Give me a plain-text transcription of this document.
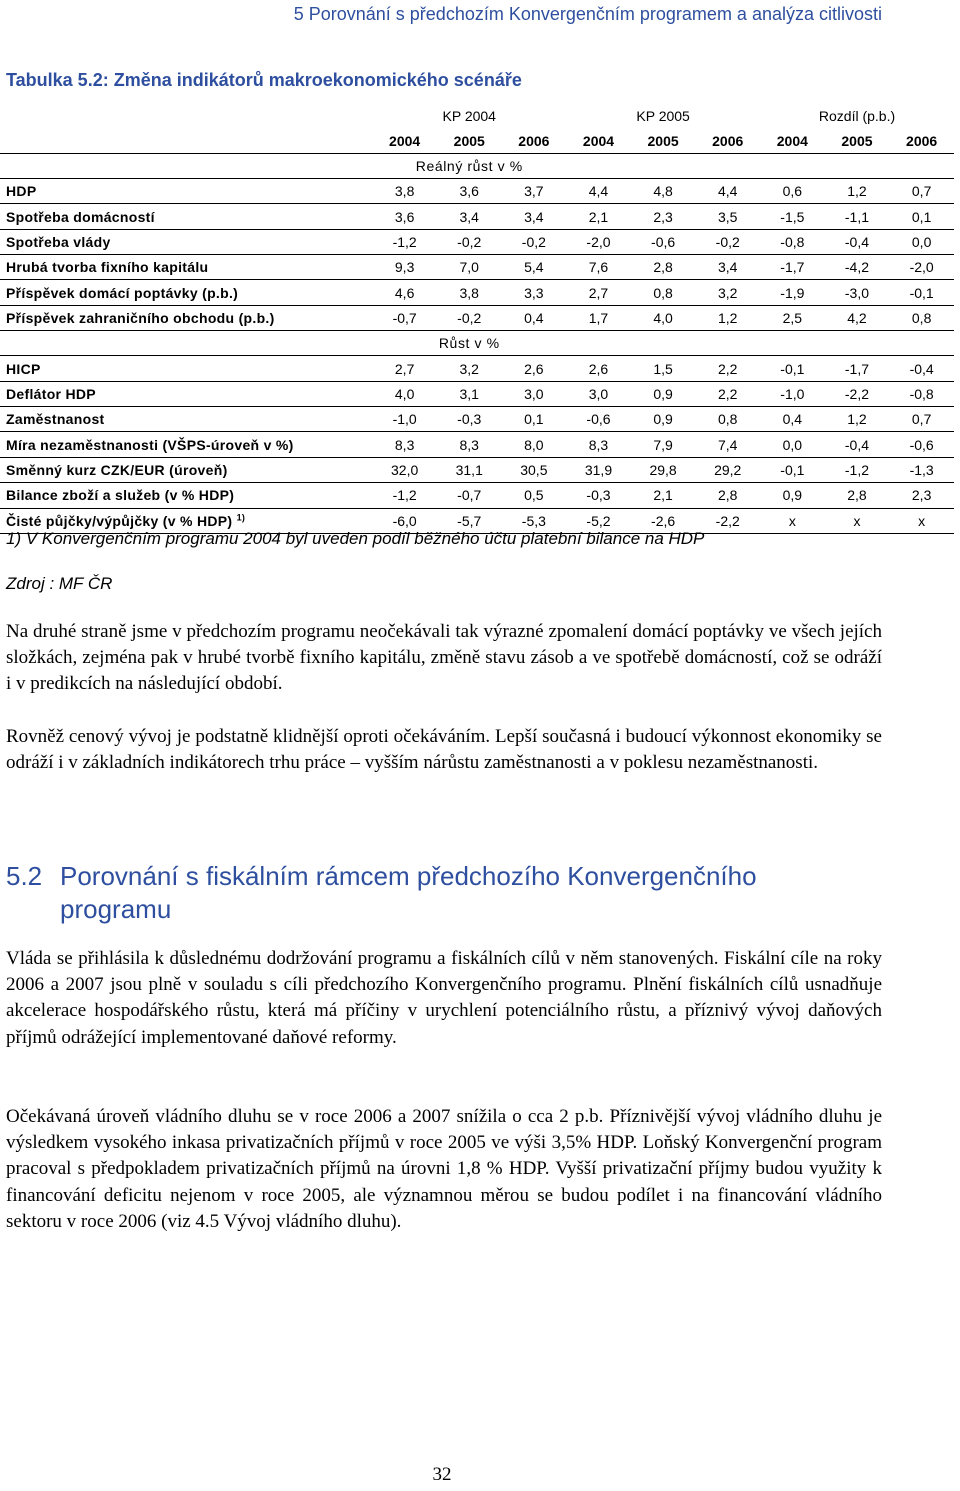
5 Porovnání s předchozím Konvergenčním programem a analýza citlivosti
Tabulka 5.2: Změna indikátorů makroekonomického scénáře
	KP 2004			KP 2005			Rozdíl (p.b.)		
	2004	2005	2006	2004	2005	2006	2004	2005	2006
	Reálný růst v %								
HDP	3,8	3,6	3,7	4,4	4,8	4,4	0,6	1,2	0,7
Spotřeba domácností	3,6	3,4	3,4	2,1	2,3	3,5	-1,5	-1,1	0,1
Spotřeba vlády	-1,2	-0,2	-0,2	-2,0	-0,6	-0,2	-0,8	-0,4	0,0
Hrubá tvorba fixního kapitálu	9,3	7,0	5,4	7,6	2,8	3,4	-1,7	-4,2	-2,0
Příspěvek domácí poptávky (p.b.)	4,6	3,8	3,3	2,7	0,8	3,2	-1,9	-3,0	-0,1
Příspěvek zahraničního obchodu (p.b.)	-0,7	-0,2	0,4	1,7	4,0	1,2	2,5	4,2	0,8
	Růst v %								
HICP	2,7	3,2	2,6	2,6	1,5	2,2	-0,1	-1,7	-0,4
Deflátor HDP	4,0	3,1	3,0	3,0	0,9	2,2	-1,0	-2,2	-0,8
Zaměstnanost	-1,0	-0,3	0,1	-0,6	0,9	0,8	0,4	1,2	0,7
Míra nezaměstnanosti (VŠPS-úroveň v %)	8,3	8,3	8,0	8,3	7,9	7,4	0,0	-0,4	-0,6
Směnný kurz CZK/EUR (úroveň)	32,0	31,1	30,5	31,9	29,8	29,2	-0,1	-1,2	-1,3
Bilance zboží a služeb (v % HDP)	-1,2	-0,7	0,5	-0,3	2,1	2,8	0,9	2,8	2,3
Čisté půjčky/výpůjčky (v % HDP) $^{1)}$	-6,0	-5,7	-5,3	-5,2	-2,6	-2,2	x	x	x
1) V Konvergenčním programu 2004 byl uveden podíl běžného účtu platební bilance na HDP
Zdroj : MF ČR
Na druhé straně jsme v předchozím programu neočekávali tak výrazné zpomalení domácí poptávky ve všech jejích složkách, zejména pak v hrubé tvorbě fixního kapitálu, změně stavu zásob a ve spotřebě domácností, což se odráží i v predikcích na následující období.
Rovněž cenový vývoj je podstatně klidnější oproti očekáváním. Lepší současná i budoucí výkonnost ekonomiky se odráží i v základních indikátorech trhu práce – vyšším nárůstu zaměstnanosti a v poklesu nezaměstnanosti.
5.2 Porovnání s fiskálním rámcem předchozího Konvergenčního programu
Vláda se přihlásila k důslednému dodržování programu a fiskálních cílů v něm stanovených. Fiskální cíle na roky 2006 a 2007 jsou plně v souladu s cíli předchozího Konvergenčního programu. Plnění fiskálních cílů usnadňuje akcelerace hospodářského růstu, která má příčiny v urychlení potenciálního růstu, a příznivý vývoj daňových příjmů odrážející implementované daňové reformy.
Očekávaná úroveň vládního dluhu se v roce 2006 a 2007 snížila o cca 2 p.b. Příznivější vývoj vládního dluhu je výsledkem vysokého inkasa privatizačních příjmů v roce 2005 ve výši 3,5% HDP. Loňský Konvergenční program pracoval s předpokladem privatizačních příjmů na úrovni 1,8 % HDP. Vyšší privatizační příjmy budou využity k financování deficitu nejenom v roce 2005, ale významnou měrou se budou podílet i na financování vládního sektoru v roce 2006 (viz 4.5 Vývoj vládního dluhu).
32
